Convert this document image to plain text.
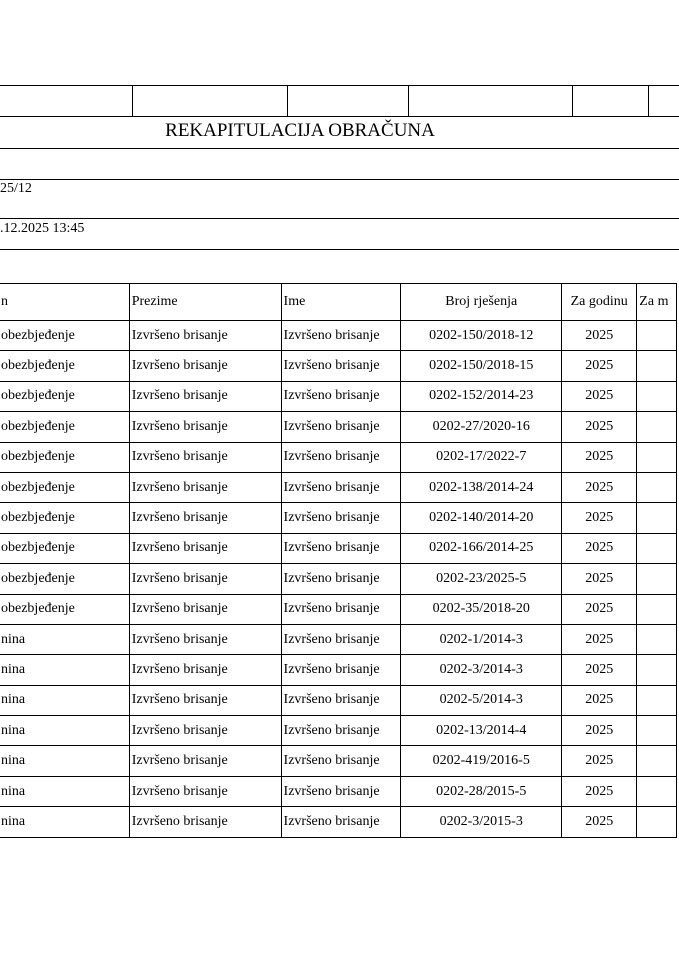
REKAPITULACIJA OBRAČUNA
25/12
.12.2025 13:45
n	Prezime	Ime	Broj rješenja	Za godinu	Za m
obezbjeđenje	Izvršeno brisanje	Izvršeno brisanje	0202-150/2018-12	2025	
obezbjeđenje	Izvršeno brisanje	Izvršeno brisanje	0202-150/2018-15	2025	
obezbjeđenje	Izvršeno brisanje	Izvršeno brisanje	0202-152/2014-23	2025	
obezbjeđenje	Izvršeno brisanje	Izvršeno brisanje	0202-27/2020-16	2025	
obezbjeđenje	Izvršeno brisanje	Izvršeno brisanje	0202-17/2022-7	2025	
obezbjeđenje	Izvršeno brisanje	Izvršeno brisanje	0202-138/2014-24	2025	
obezbjeđenje	Izvršeno brisanje	Izvršeno brisanje	0202-140/2014-20	2025	
obezbjeđenje	Izvršeno brisanje	Izvršeno brisanje	0202-166/2014-25	2025	
obezbjeđenje	Izvršeno brisanje	Izvršeno brisanje	0202-23/2025-5	2025	
obezbjeđenje	Izvršeno brisanje	Izvršeno brisanje	0202-35/2018-20	2025	
nina	Izvršeno brisanje	Izvršeno brisanje	0202-1/2014-3	2025	
nina	Izvršeno brisanje	Izvršeno brisanje	0202-3/2014-3	2025	
nina	Izvršeno brisanje	Izvršeno brisanje	0202-5/2014-3	2025	
nina	Izvršeno brisanje	Izvršeno brisanje	0202-13/2014-4	2025	
nina	Izvršeno brisanje	Izvršeno brisanje	0202-419/2016-5	2025	
nina	Izvršeno brisanje	Izvršeno brisanje	0202-28/2015-5	2025	
nina	Izvršeno brisanje	Izvršeno brisanje	0202-3/2015-3	2025	
